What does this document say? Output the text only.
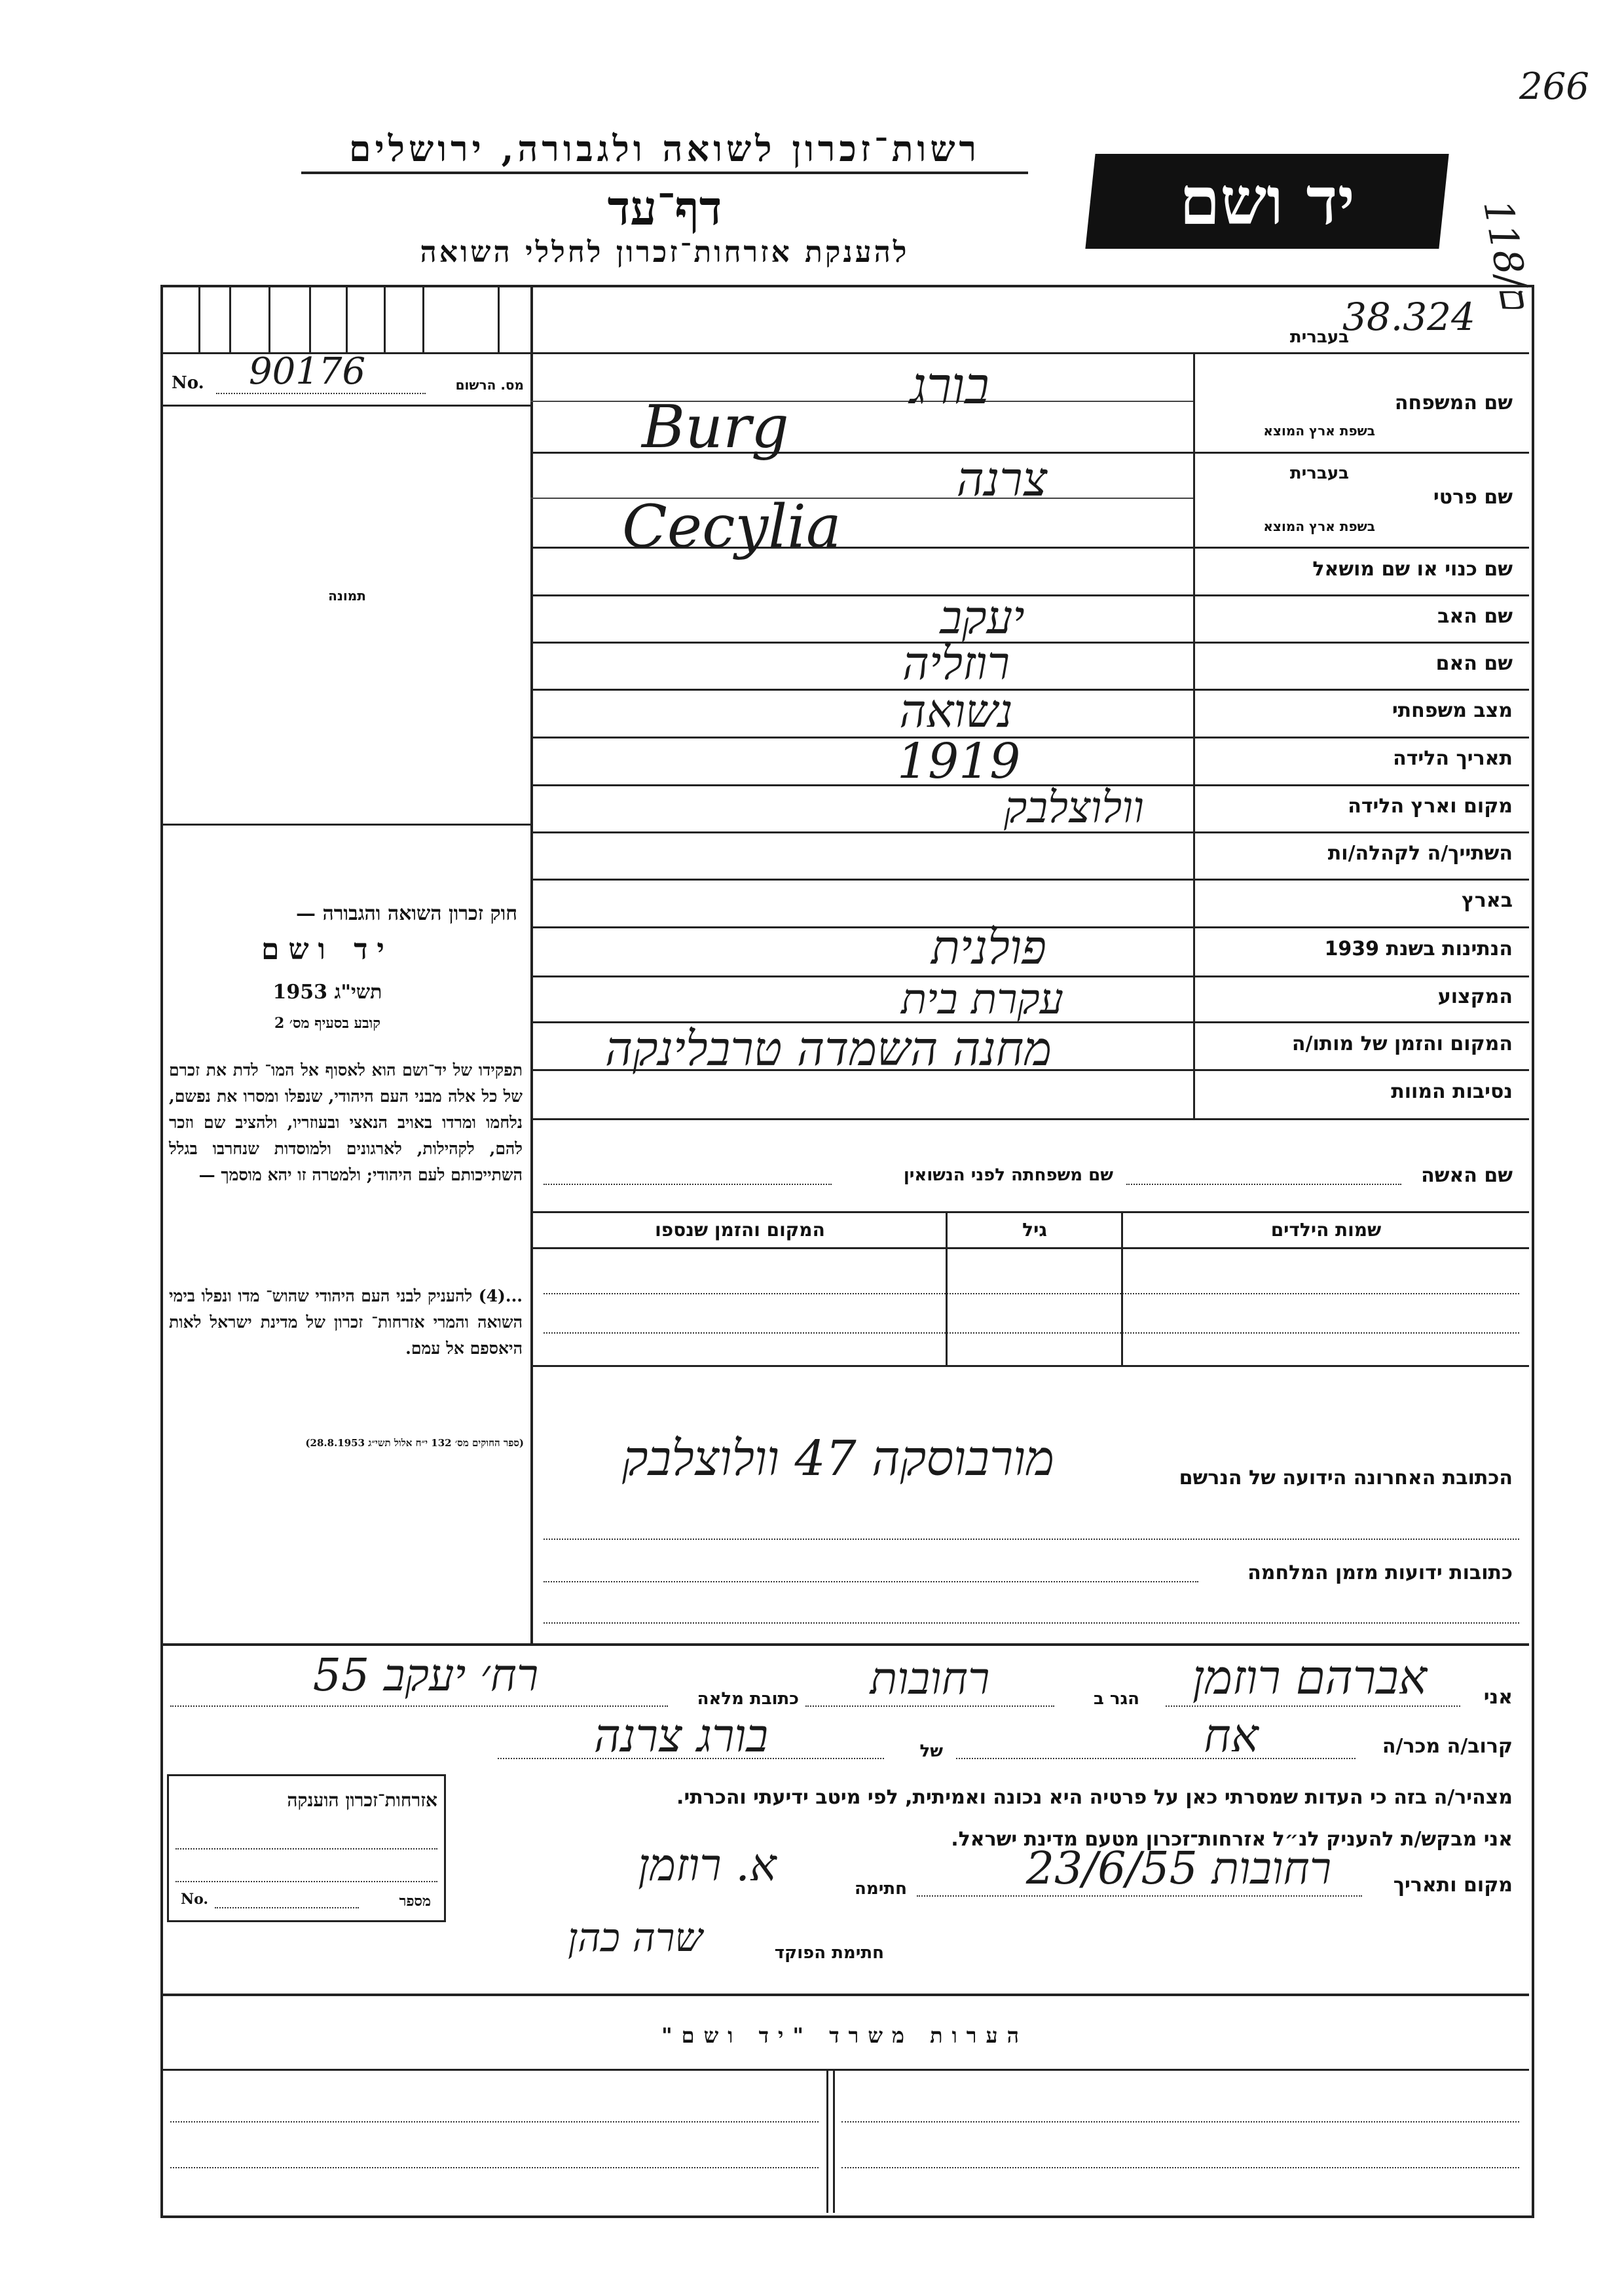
266
118/ם
רשות־זכרון לשואה ולגבורה, ירושלים
דף־עד
להענקת אזרחות־זכרון לחללי השואה
יד ושם
No. 90176	מס. הרשום
תמונה
חוק זכרון השואה והגבורה —
יד ושם
תשי"ג 1953
קובע בסעיף מס׳ 2
תפקידו של יד־ושם הוא לאסוף אל המו־ לדת את זכרם של כל אלה מבני העם היהודי, שנפלו ומסרו את נפשם, נלחמו ומרדו באויב הנאצי ובעוזריו, ולהציב שם וזכר להם, לקהילות, לארגונים ולמוסדות שנחרבו בגלל השתייכותם לעם היהודי; ולמטרה זו יהא מוסמך —
...(4) להעניק לבני העם היהודי שהוש־ מדו ונפלו בימי השואה והמרי אזרחות־ זכרון של מדינת ישראל לאות היאספם אל עמם.
(ספר החוקים מס׳ 132 י״ח אלול תשי״ג 28.8.1953)
38.324
שם המשפחה
בעברית
בשפת ארץ המוצא
שם פרטי
בעברית
בשפת ארץ המוצא
שם כנוי או שם מושאל
שם האב
שם האם
מצב משפחתי
תאריך הלידה
מקום וארץ הלידה
השתייך/ה לקהלה/ות
בארץ
הנתינות בשנת 1939
המקצוע
המקום והזמן של מותו/ה
נסיבות המוות
בורג
Burg
צרנה
Cecylia
יעקב
רוזליה
נשואה
1919
וולוצלבק
פולנית
עקרת בית
מחנה השמדה טרבלינקה
שם האשה
שם משפחתה לפני הנשואין
שמות הילדים
גיל
המקום והזמן שנספו
הכתובת האחרונה הידועה של הנרשם
מורבוסקה 47 וולוצלבק
כתובות ידועות מזמן המלחמה
אני
אברהם רוזמן
הגר ב
רחובות
כתובת מלאה
רח׳ יעקב 55
קרוב/ה מכר/ה
אח
של
בורג צרנה
מצהיר/ה בזה כי העדות שמסרתי כאן על פרטיה היא נכונה ואמיתית, לפי מיטב ידיעתי והכרתי.
אני מבקש/ת להעניק לנ״ל אזרחות־זכרון מטעם מדינת ישראל.
מקום ותאריך
רחובות 23/6/55
חתימה
א. רוזמן
חתימת הפוקד
שרה כהן
אזרחות־זכרון הוענקה
No.	מספר
הערות משרד "יד ושם"
